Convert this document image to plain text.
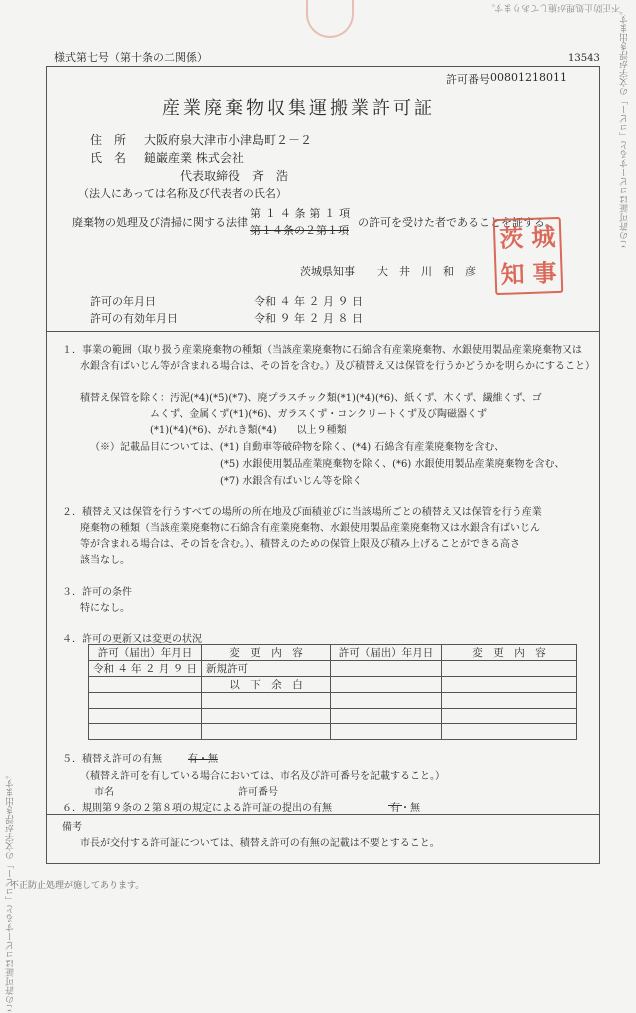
不正防止処理が施してあります。 この許可証はコピーすると「コピー」の文字が浮き出ます。
この許可証はコピーすると「コピー」の文字が浮き出ます。
不正防止処理が施してあります。
様式第七号（第十条の二関係）	13543
許可番号 00801218011
産業廃棄物収集運搬業許可証
住　所 大阪府泉大津市小津島町２－２
氏　名 鎚巌産業 株式会社
代表取締役　斉　浩
（法人にあっては名称及び代表者の氏名）
廃棄物の処理及び清掃に関する法律
第１４条第１項
第１４条の２第１項
の許可を受けた者であることを証する。
茨城県知事　　大　井　川　和　彦
茨 城
知 事
許可の年月日	令和 ４ 年 ２ 月 ９ 日
許可の有効年月日	令和 ９ 年 ２ 月 ８ 日
１．事業の範囲（取り扱う産業廃棄物の種類（当該産業廃棄物に石綿含有産業廃棄物、水銀使用製品産業廃棄物又は
水銀含有ばいじん等が含まれる場合は、その旨を含む。）及び積替え又は保管を行うかどうかを明らかにすること）
積替え保管を除く：汚泥(*4)(*5)(*7)、廃プラスチック類(*1)(*4)(*6)、紙くず、木くず、繊維くず、ゴ
ムくず、金属くず(*1)(*6)、ガラスくず・コンクリートくず及び陶磁器くず
(*1)(*4)(*6)、がれき類(*4)　　以上９種類
（※）記載品目については、(*1) 自動車等破砕物を除く、(*4) 石綿含有産業廃棄物を含む、
(*5) 水銀使用製品産業廃棄物を除く、(*6) 水銀使用製品産業廃棄物を含む、
(*7) 水銀含有ばいじん等を除く
２．積替え又は保管を行うすべての場所の所在地及び面積並びに当該場所ごとの積替え又は保管を行う産業
廃棄物の種類（当該産業廃棄物に石綿含有産業廃棄物、水銀使用製品産業廃棄物又は水銀含有ばいじん
等が含まれる場合は、その旨を含む。）、積替えのための保管上限及び積み上げることができる高さ
該当なし。
３．許可の条件
特になし。
４．許可の更新又は変更の状況
許可（届出）年月日	変　更　内　容	許可（届出）年月日	変　更　内　容
令和 ４ 年 ２ 月 ９ 日	新規許可		
	以　下　余　白		

５．積替え許可の有無	有・無
（積替え許可を有している場合においては、市名及び許可番号を記載すること。）
市名	許可番号
６．規則第９条の２第８項の規定による許可証の提出の有無	有・無
備考
市長が交付する許可証については、積替え許可の有無の記載は不要とすること。
